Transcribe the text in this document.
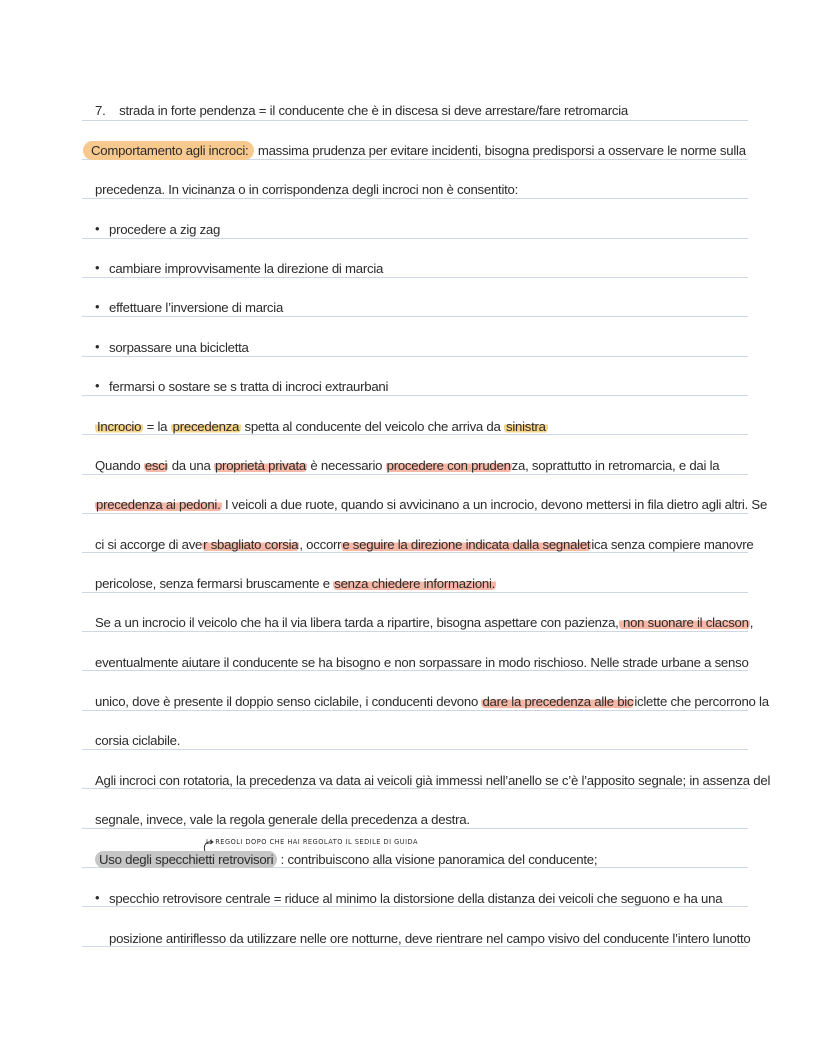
7. strada in forte pendenza = il conducente che è in discesa si deve arrestare/fare retromarcia
Comportamento agli incroci: massima prudenza per evitare incidenti, bisogna predisporsi a osservare le norme sulla
precedenza. In vicinanza o in corrispondenza degli incroci non è consentito:
• procedere a zig zag
• cambiare improvvisamente la direzione di marcia
• effettuare l’inversione di marcia
• sorpassare una bicicletta
• fermarsi o sostare se s tratta di incroci extraurbani
Incrocio = la precedenza spetta al conducente del veicolo che arriva da sinistra
Quando esci da una proprietà privata è necessario procedere con prudenza, soprattutto in retromarcia, e dai la
precedenza ai pedoni. I veicoli a due ruote, quando si avvicinano a un incrocio, devono mettersi in fila dietro agli altri. Se
ci si accorge di aver sbagliato corsia, occorre seguire la direzione indicata dalla segnaletica senza compiere manovre
pericolose, senza fermarsi bruscamente e senza chiedere informazioni.
Se a un incrocio il veicolo che ha il via libera tarda a ripartire, bisogna aspettare con pazienza, non suonare il clacson,
eventualmente aiutare il conducente se ha bisogno e non sorpassare in modo rischioso. Nelle strade urbane a senso
unico, dove è presente il doppio senso ciclabile, i conducenti devono dare la precedenza alle biciclette che percorrono la
corsia ciclabile.
Agli incroci con rotatoria, la precedenza va data ai veicoli già immessi nell’anello se c’è l’apposito segnale; in assenza del
segnale, invece, vale la regola generale della precedenza a destra.
LI REGOLI DOPO CHE HAI REGOLATO IL SEDILE DI GUIDA
Uso degli specchietti retrovisori : contribuiscono alla visione panoramica del conducente;
• specchio retrovisore centrale = riduce al minimo la distorsione della distanza dei veicoli che seguono e ha una
posizione antiriflesso da utilizzare nelle ore notturne, deve rientrare nel campo visivo del conducente l’intero lunotto
